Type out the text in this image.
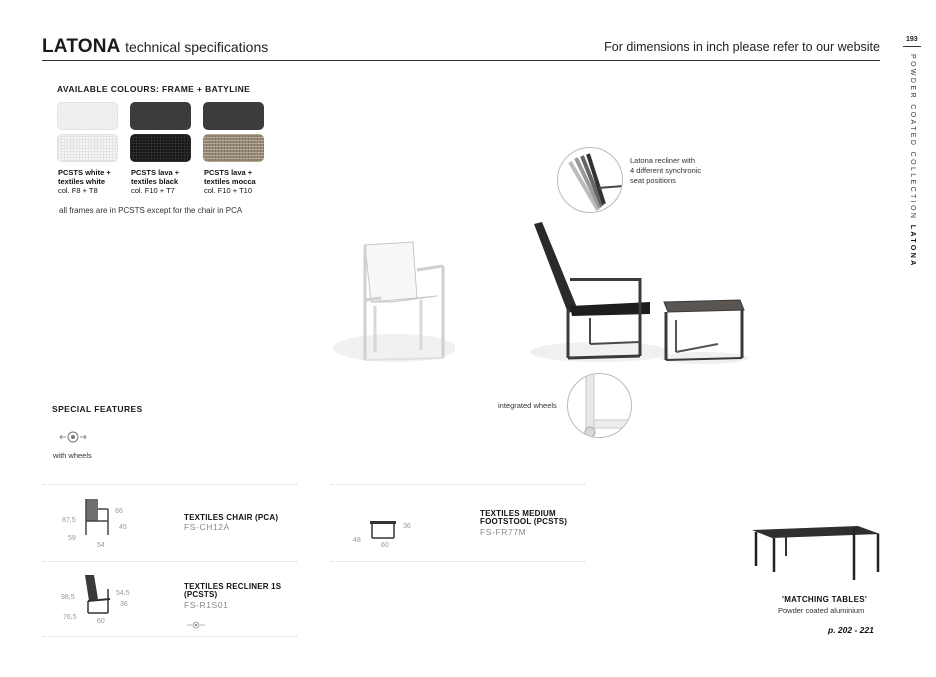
LATONA technical specifications	For dimensions in inch please refer to our website
193
POWDER COATED COLLECTION LATONA
AVAILABLE COLOURS: FRAME + BATYLINE
PCSTS white +
textiles white
col. F8 + T8
PCSTS lava +
textiles black
col. F10 + T7
PCSTS lava +
textiles mocca
col. F10 + T10
all frames are in PCSTS except for the chair in PCA
SPECIAL FEATURES
with wheels
Latona recliner with
4 different synchronic
seat positions
integrated wheels
87,5
66
45
59
54
TEXTILES CHAIR (PCA)
FS-CH12A
98,5
54,5
36
76,5
60
TEXTILES RECLINER 1S
(PCSTS)
FS-R1S01
36
48
60
TEXTILES MEDIUM
FOOTSTOOL (PCSTS)
FS-FR77M
'MATCHING TABLES'
Powder coated aluminium
p. 202 - 221
